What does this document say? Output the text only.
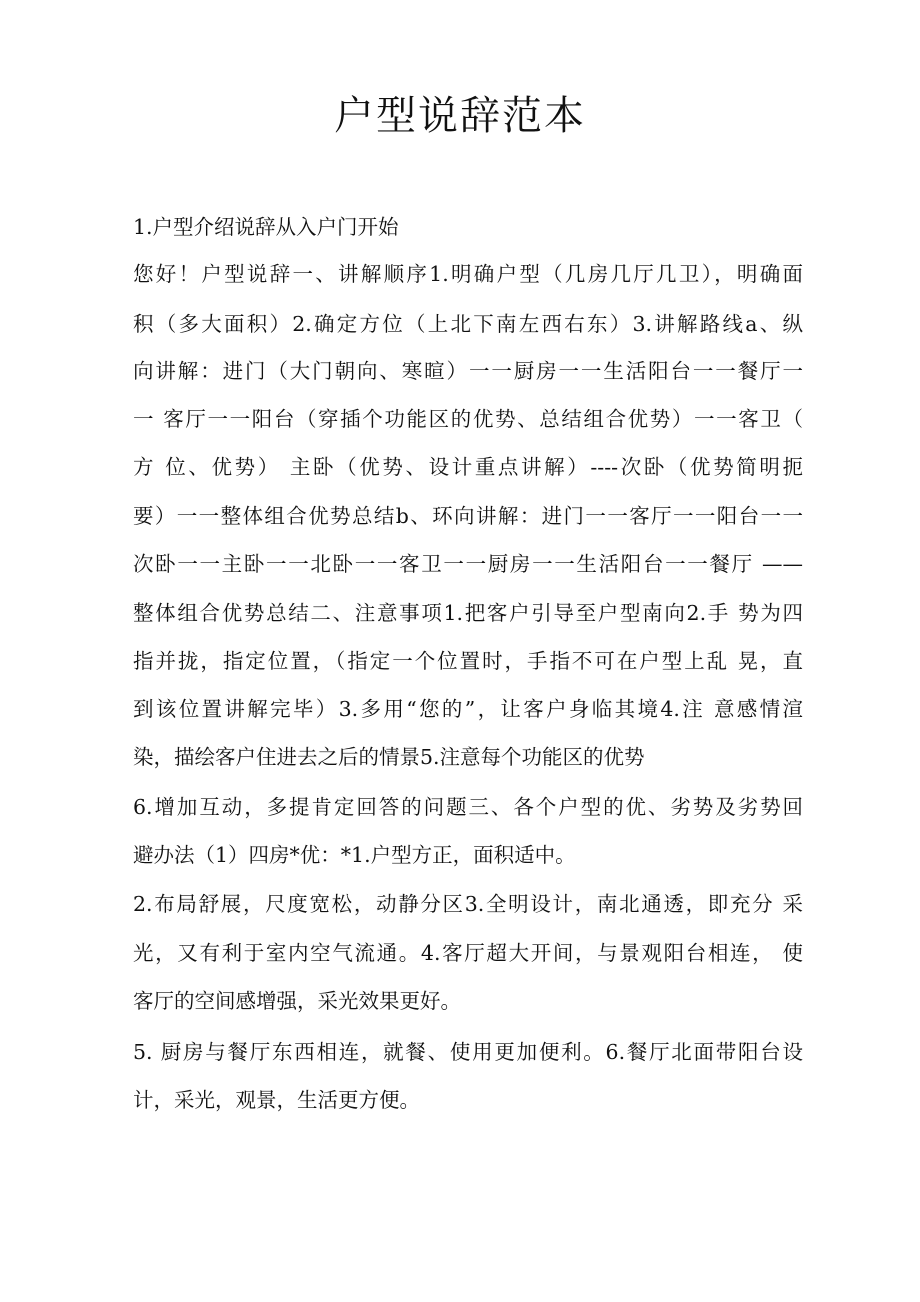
户型说辞范本

1.户型介绍说辞从入户门开始

您好！户型说辞一、讲解顺序1.明确户型（几房几厅几卫），明确面

积（多大面积）2.确定方位（上北下南左西右东）3.讲解路线a、纵

向讲解：进门（大门朝向、寒暄）一一厨房一一生活阳台一一餐厅一

一 客厅一一阳台（穿插个功能区的优势、总结组合优势）一一客卫（

方 位、优势） 主卧（优势、设计重点讲解）----次卧（优势简明扼

要）一一整体组合优势总结b、环向讲解：进门一一客厅一一阳台一一

次卧一一主卧一一北卧一一客卫一一厨房一一生活阳台一一餐厅 ——

整体组合优势总结二、注意事项1.把客户引导至户型南向2.手 势为四

指并拢，指定位置，（指定一个位置时，手指不可在户型上乱 晃，直

到该位置讲解完毕）3.多用“您的”，让客户身临其境4.注 意感情渲

染，描绘客户住进去之后的情景5.注意每个功能区的优势

6.增加互动，多提肯定回答的问题三、各个户型的优、劣势及劣势回

避办法（1）四房*优：*1.户型方正，面积适中。

2.布局舒展，尺度宽松，动静分区3.全明设计，南北通透，即充分 采

光，又有利于室内空气流通。4.客厅超大开间，与景观阳台相连， 使

客厅的空间感增强，采光效果更好。

5. 厨房与餐厅东西相连，就餐、使用更加便利。6.餐厅北面带阳台设

计，采光，观景，生活更方便。
